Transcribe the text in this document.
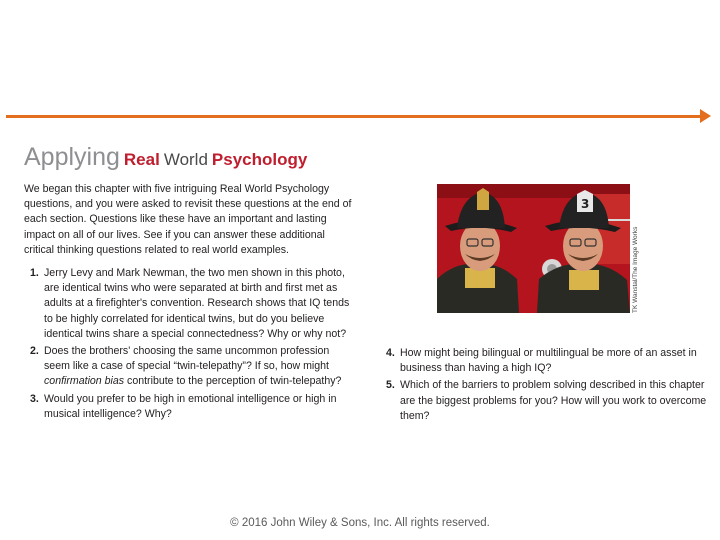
Applying Real World Psychology

We began this chapter with five intriguing Real World Psychology questions, and you were asked to revisit these questions at the end of each section. Questions like these have an important and lasting impact on all of our lives. See if you can answer these additional critical thinking questions related to real world examples.

1. Jerry Levy and Mark Newman, the two men shown in this photo, are identical twins who were separated at birth and first met as adults at a firefighter's convention. Research shows that IQ tends to be highly correlated for identical twins, but do you believe identical twins share a special connectedness? Why or why not?
2. Does the brothers' choosing the same uncommon profession seem like a case of special “twin-telepathy”? If so, how might confirmation bias contribute to the perception of twin-telepathy?
3. Would you prefer to be high in emotional intelligence or high in musical intelligence? Why?
4. How might being bilingual or multilingual be more of an asset in business than having a high IQ?
5. Which of the barriers to problem solving described in this chapter are the biggest problems for you? How will you work to overcome them?
3
TK Wanstal/The Image Works

© 2016 John Wiley & Sons, Inc. All rights reserved.
